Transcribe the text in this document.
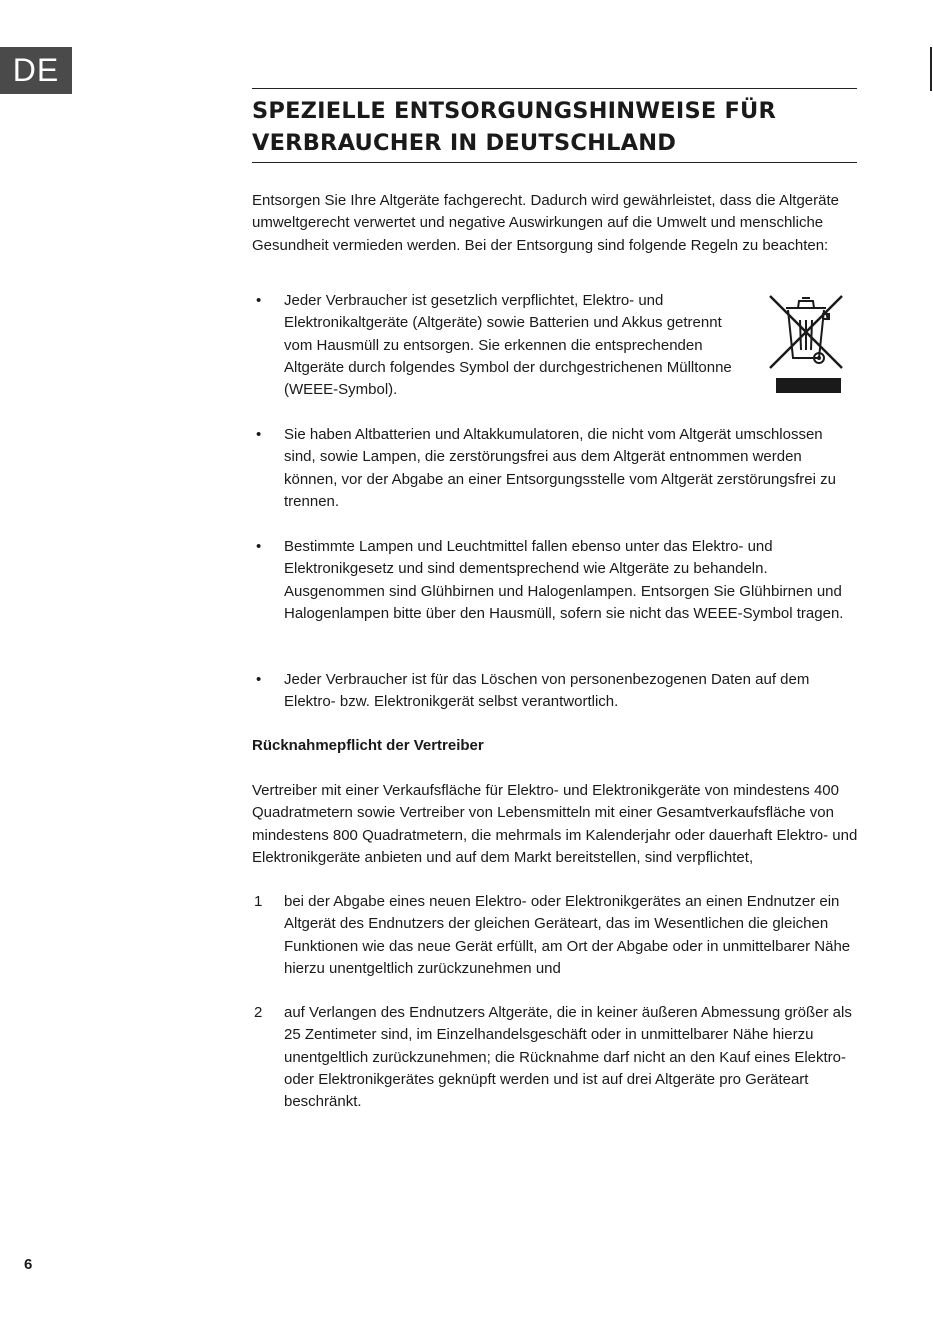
DE
SPEZIELLE ENTSORGUNGSHINWEISE FÜR
VERBRAUCHER IN DEUTSCHLAND

Entsorgen Sie Ihre Altgeräte fachgerecht. Dadurch wird gewährleistet, dass die Altgeräte umweltgerecht verwertet und negative Auswirkungen auf die Umwelt und menschliche Gesundheit vermieden werden. Bei der Entsorgung sind folgende Regeln zu beachten:

• Jeder Verbraucher ist gesetzlich verpflichtet, Elektro- und Elektronikaltgeräte (Altgeräte) sowie Batterien und Akkus getrennt vom Hausmüll zu entsorgen. Sie erkennen die entsprechenden Altgeräte durch folgendes Symbol der durchgestrichenen Mülltonne (WEEE-Symbol).
• Sie haben Altbatterien und Altakkumulatoren, die nicht vom Altgerät umschlossen sind, sowie Lampen, die zerstörungsfrei aus dem Altgerät entnommen werden können, vor der Abgabe an einer Entsorgungsstelle vom Altgerät zerstörungsfrei zu trennen.
• Bestimmte Lampen und Leuchtmittel fallen ebenso unter das Elektro- und Elektronikgesetz und sind dementsprechend wie Altgeräte zu behandeln. Ausgenommen sind Glühbirnen und Halogenlampen. Entsorgen Sie Glühbirnen und Halogenlampen bitte über den Hausmüll, sofern sie nicht das WEEE-Symbol tragen.
• Jeder Verbraucher ist für das Löschen von personenbezogenen Daten auf dem Elektro- bzw. Elektronikgerät selbst verantwortlich.
Rücknahmepflicht der Vertreiber

Vertreiber mit einer Verkaufsfläche für Elektro- und Elektronikgeräte von mindestens 400 Quadratmetern sowie Vertreiber von Lebensmitteln mit einer Gesamtverkaufsfläche von mindestens 800 Quadratmetern, die mehrmals im Kalenderjahr oder dauerhaft Elektro- und Elektronikgeräte anbieten und auf dem Markt bereitstellen, sind verpflichtet,

1 bei der Abgabe eines neuen Elektro- oder Elektronikgerätes an einen Endnutzer ein Altgerät des Endnutzers der gleichen Geräteart, das im Wesentlichen die gleichen Funktionen wie das neue Gerät erfüllt, am Ort der Abgabe oder in unmittelbarer Nähe hierzu unentgeltlich zurückzunehmen und
2 auf Verlangen des Endnutzers Altgeräte, die in keiner äußeren Abmessung größer als 25 Zentimeter sind, im Einzelhandelsgeschäft oder in unmittelbarer Nähe hierzu unentgeltlich zurückzunehmen; die Rücknahme darf nicht an den Kauf eines Elektro- oder Elektronikgerätes geknüpft werden und ist auf drei Altgeräte pro Geräteart beschränkt.
6
